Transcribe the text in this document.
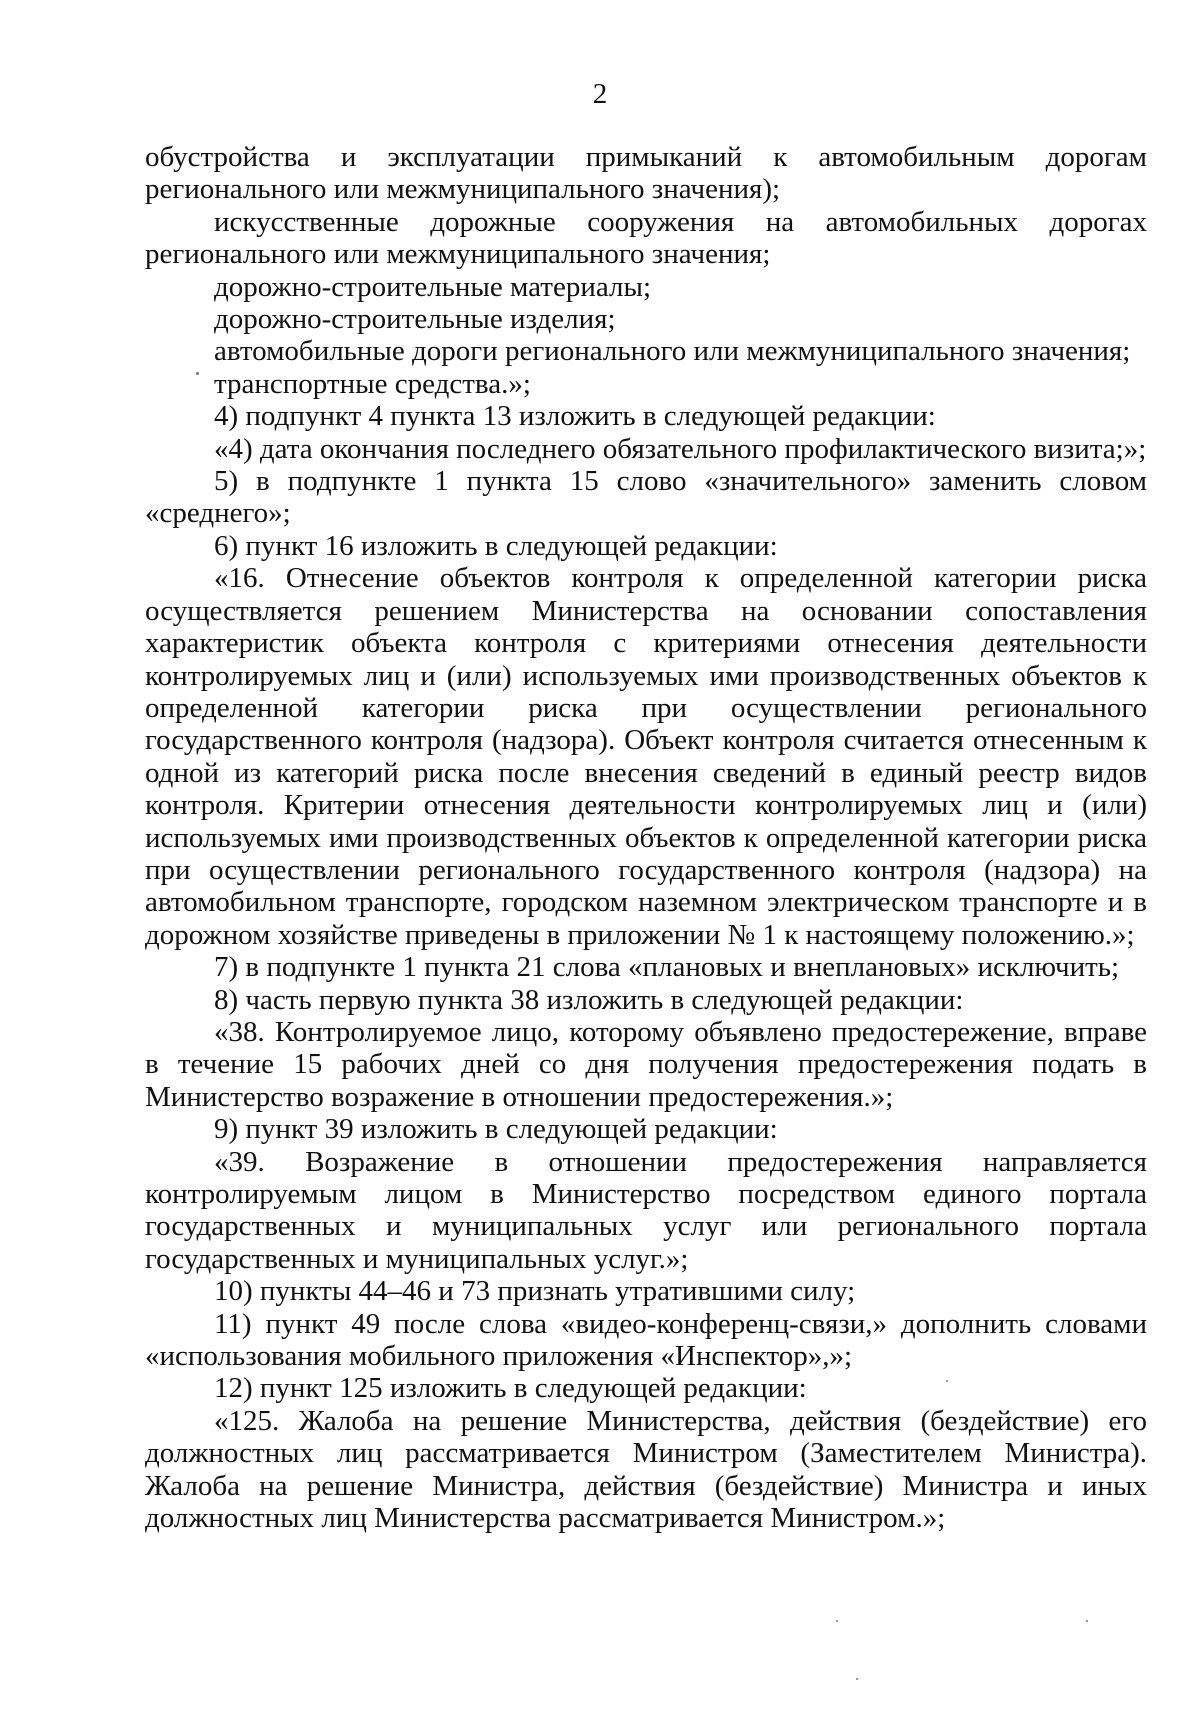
2

обустройства и эксплуатации примыканий к автомобильным дорогам регионального или межмуниципального значения);

искусственные дорожные сооружения на автомобильных дорогах регионального или межмуниципального значения;

дорожно-строительные материалы;

дорожно-строительные изделия;

автомобильные дороги регионального или межмуниципального значения;

транспортные средства.»;

4) подпункт 4 пункта 13 изложить в следующей редакции:

«4) дата окончания последнего обязательного профилактического визита;»;

5) в подпункте 1 пункта 15 слово «значительного» заменить словом «среднего»;

6) пункт 16 изложить в следующей редакции:

«16. Отнесение объектов контроля к определенной категории риска осуществляется решением Министерства на основании сопоставления характеристик объекта контроля с критериями отнесения деятельности контролируемых лиц и (или) используемых ими производственных объектов к определенной категории риска при осуществлении регионального государственного контроля (надзора). Объект контроля считается отнесенным к одной из категорий риска после внесения сведений в единый реестр видов контроля. Критерии отнесения деятельности контролируемых лиц и (или) используемых ими производственных объектов к определенной категории риска при осуществлении регионального государственного контроля (надзора) на автомобильном транспорте, городском наземном электрическом транспорте и в дорожном хозяйстве приведены в приложении № 1 к настоящему положению.»;

7) в подпункте 1 пункта 21 слова «плановых и внеплановых» исключить;

8) часть первую пункта 38 изложить в следующей редакции:

«38. Контролируемое лицо, которому объявлено предостережение, вправе в течение 15 рабочих дней со дня получения предостережения подать в Министерство возражение в отношении предостережения.»;

9) пункт 39 изложить в следующей редакции:

«39. Возражение в отношении предостережения направляется контролируемым лицом в Министерство посредством единого портала государственных и муниципальных услуг или регионального портала государственных и муниципальных услуг.»;

10) пункты 44–46 и 73 признать утратившими силу;

11) пункт 49 после слова «видео-конференц-связи,» дополнить словами «использования мобильного приложения «Инспектор»,»;

12) пункт 125 изложить в следующей редакции:

«125. Жалоба на решение Министерства, действия (бездействие) его должностных лиц рассматривается Министром (Заместителем Министра). Жалоба на решение Министра, действия (бездействие) Министра и иных должностных лиц Министерства рассматривается Министром.»;
